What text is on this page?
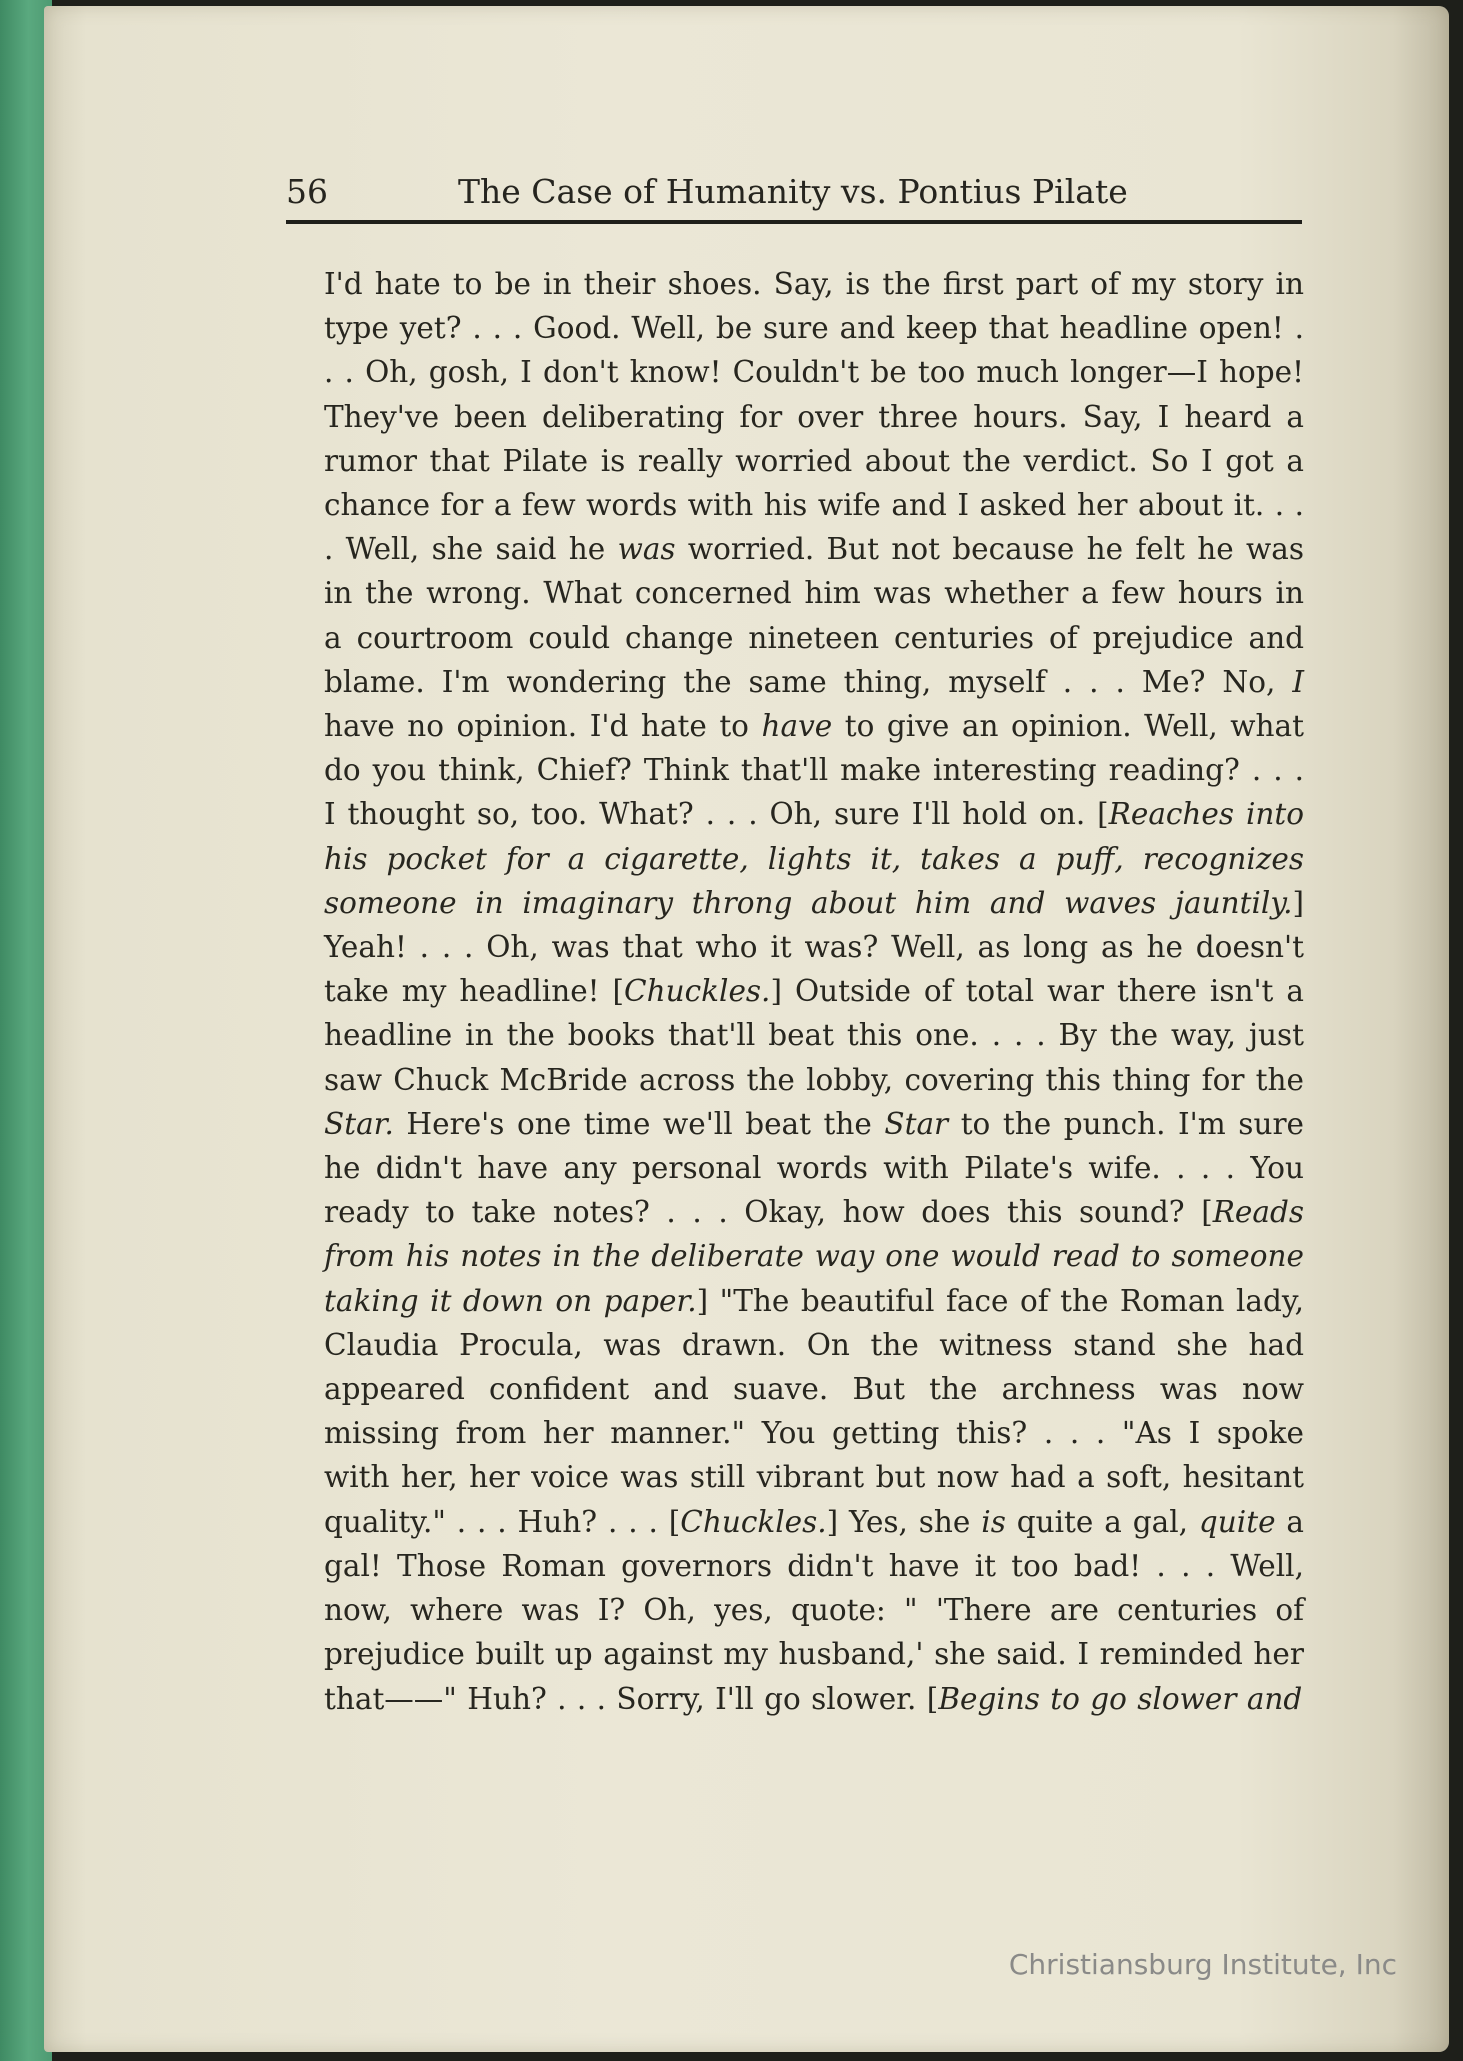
56	The Case of Humanity vs. Pontius Pilate

I'd hate to be in their shoes. Say, is the first part of my story in type yet? . . . Good. Well, be sure and keep that headline open! . . . Oh, gosh, I don't know! Couldn't be too much longer—I hope! They've been deliberating for over three hours. Say, I heard a rumor that Pilate is really worried about the verdict. So I got a chance for a few words with his wife and I asked her about it. . . . Well, she said he was worried. But not because he felt he was in the wrong. What concerned him was whether a few hours in a courtroom could change nineteen centuries of prejudice and blame. I'm wondering the same thing, myself . . . Me? No, I have no opinion. I'd hate to have to give an opinion. Well, what do you think, Chief? Think that'll make interesting reading? . . . I thought so, too. What? . . . Oh, sure I'll hold on. [Reaches into his pocket for a cigarette, lights it, takes a puff, recognizes someone in imaginary throng about him and waves jauntily.] Yeah! . . . Oh, was that who it was? Well, as long as he doesn't take my headline! [Chuckles.] Outside of total war there isn't a headline in the books that'll beat this one. . . . By the way, just saw Chuck McBride across the lobby, covering this thing for the Star. Here's one time we'll beat the Star to the punch. I'm sure he didn't have any personal words with Pilate's wife. . . . You ready to take notes? . . . Okay, how does this sound? [Reads from his notes in the deliberate way one would read to someone taking it down on paper.] "The beautiful face of the Roman lady, Claudia Procula, was drawn. On the witness stand she had appeared confident and suave. But the archness was now missing from her manner." You getting this? . . . "As I spoke with her, her voice was still vibrant but now had a soft, hesitant quality." . . . Huh? . . . [Chuckles.] Yes, she is quite a gal, quite a gal! Those Roman governors didn't have it too bad! . . . Well, now, where was I? Oh, yes, quote: " 'There are centuries of prejudice built up against my husband,' she said. I reminded her that——" Huh? . . . Sorry, I'll go slower. [Begins to go slower and

Christiansburg Institute, Inc
